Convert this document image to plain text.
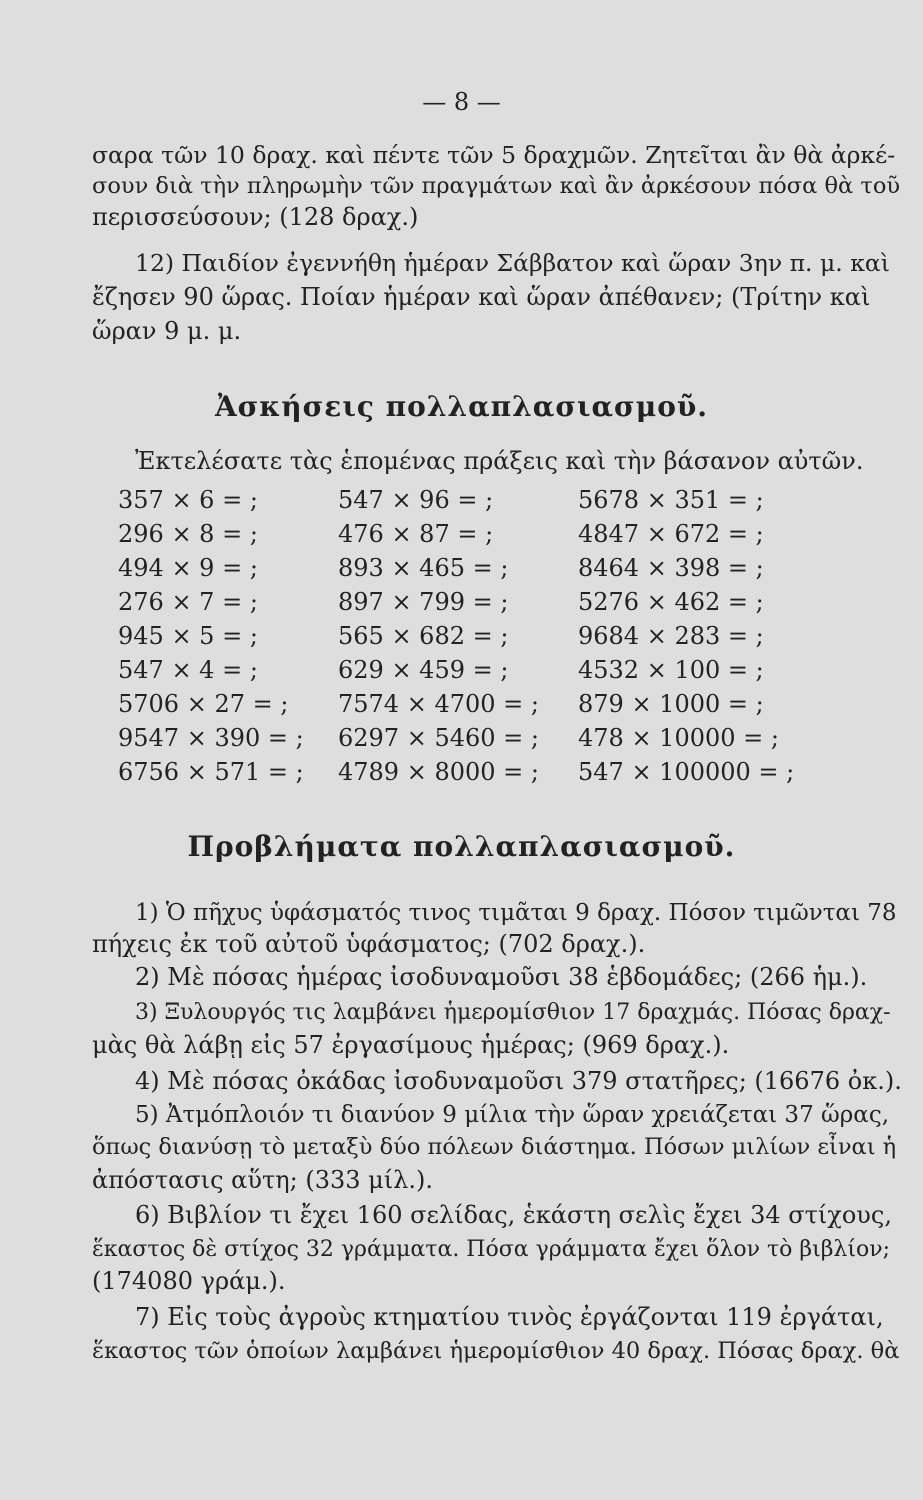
— 8 —
σαρα τῶν 10 δραχ. καὶ πέντε τῶν 5 δραχμῶν. Ζητεῖται ἂν θὰ ἀρκέ-
σουν διὰ τὴν πληρωμὴν τῶν πραγμάτων καὶ ἂν ἀρκέσουν πόσα θὰ τοῦ
περισσεύσουν; (128 δραχ.)
12) Παιδίον ἐγεννήθη ἡμέραν Σάββατον καὶ ὥραν 3ην π. μ. καὶ
ἔζησεν 90 ὥρας. Ποίαν ἡμέραν καὶ ὥραν ἀπέθανεν; (Τρίτην καὶ
ὥραν 9 μ. μ.
Ἀσκήσεις πολλαπλασιασμοῦ.
Ἐκτελέσατε τὰς ἑπομένας πράξεις καὶ τὴν βάσανον αὐτῶν.
357 × 6 = ;	547 × 96 = ;	5678 × 351 = ;
296 × 8 = ;	476 × 87 = ;	4847 × 672 = ;
494 × 9 = ;	893 × 465 = ;	8464 × 398 = ;
276 × 7 = ;	897 × 799 = ;	5276 × 462 = ;
945 × 5 = ;	565 × 682 = ;	9684 × 283 = ;
547 × 4 = ;	629 × 459 = ;	4532 × 100 = ;
5706 × 27 = ; 7574 × 4700 = ; 879 × 1000 = ;
9547 × 390 = ; 6297 × 5460 = ; 478 × 10000 = ;
6756 × 571 = ; 4789 × 8000 = ; 547 × 100000 = ;
Προβλήματα πολλαπλασιασμοῦ.
1) Ὁ πῆχυς ὑφάσματός τινος τιμᾶται 9 δραχ. Πόσον τιμῶνται 78
πήχεις ἐκ τοῦ αὐτοῦ ὑφάσματος; (702 δραχ.).
2) Μὲ πόσας ἡμέρας ἰσοδυναμοῦσι 38 ἑβδομάδες; (266 ἡμ.).
3) Ξυλουργός τις λαμβάνει ἡμερομίσθιον 17 δραχμάς. Πόσας δραχ-
μὰς θὰ λάβῃ εἰς 57 ἐργασίμους ἡμέρας; (969 δραχ.).
4) Μὲ πόσας ὀκάδας ἰσοδυναμοῦσι 379 στατῆρες; (16676 ὀκ.).
5) Ἀτμόπλοιόν τι διανύον 9 μίλια τὴν ὥραν χρειάζεται 37 ὥρας,
ὅπως διανύσῃ τὸ μεταξὺ δύο πόλεων διάστημα. Πόσων μιλίων εἶναι ἡ
ἀπόστασις αὕτη; (333 μίλ.).
6) Βιβλίον τι ἔχει 160 σελίδας, ἑκάστη σελὶς ἔχει 34 στίχους,
ἕκαστος δὲ στίχος 32 γράμματα. Πόσα γράμματα ἔχει ὅλον τὸ βιβλίον;
(174080 γράμ.).
7) Εἰς τοὺς ἀγροὺς κτηματίου τινὸς ἐργάζονται 119 ἐργάται,
ἕκαστος τῶν ὁποίων λαμβάνει ἡμερομίσθιον 40 δραχ. Πόσας δραχ. θὰ
